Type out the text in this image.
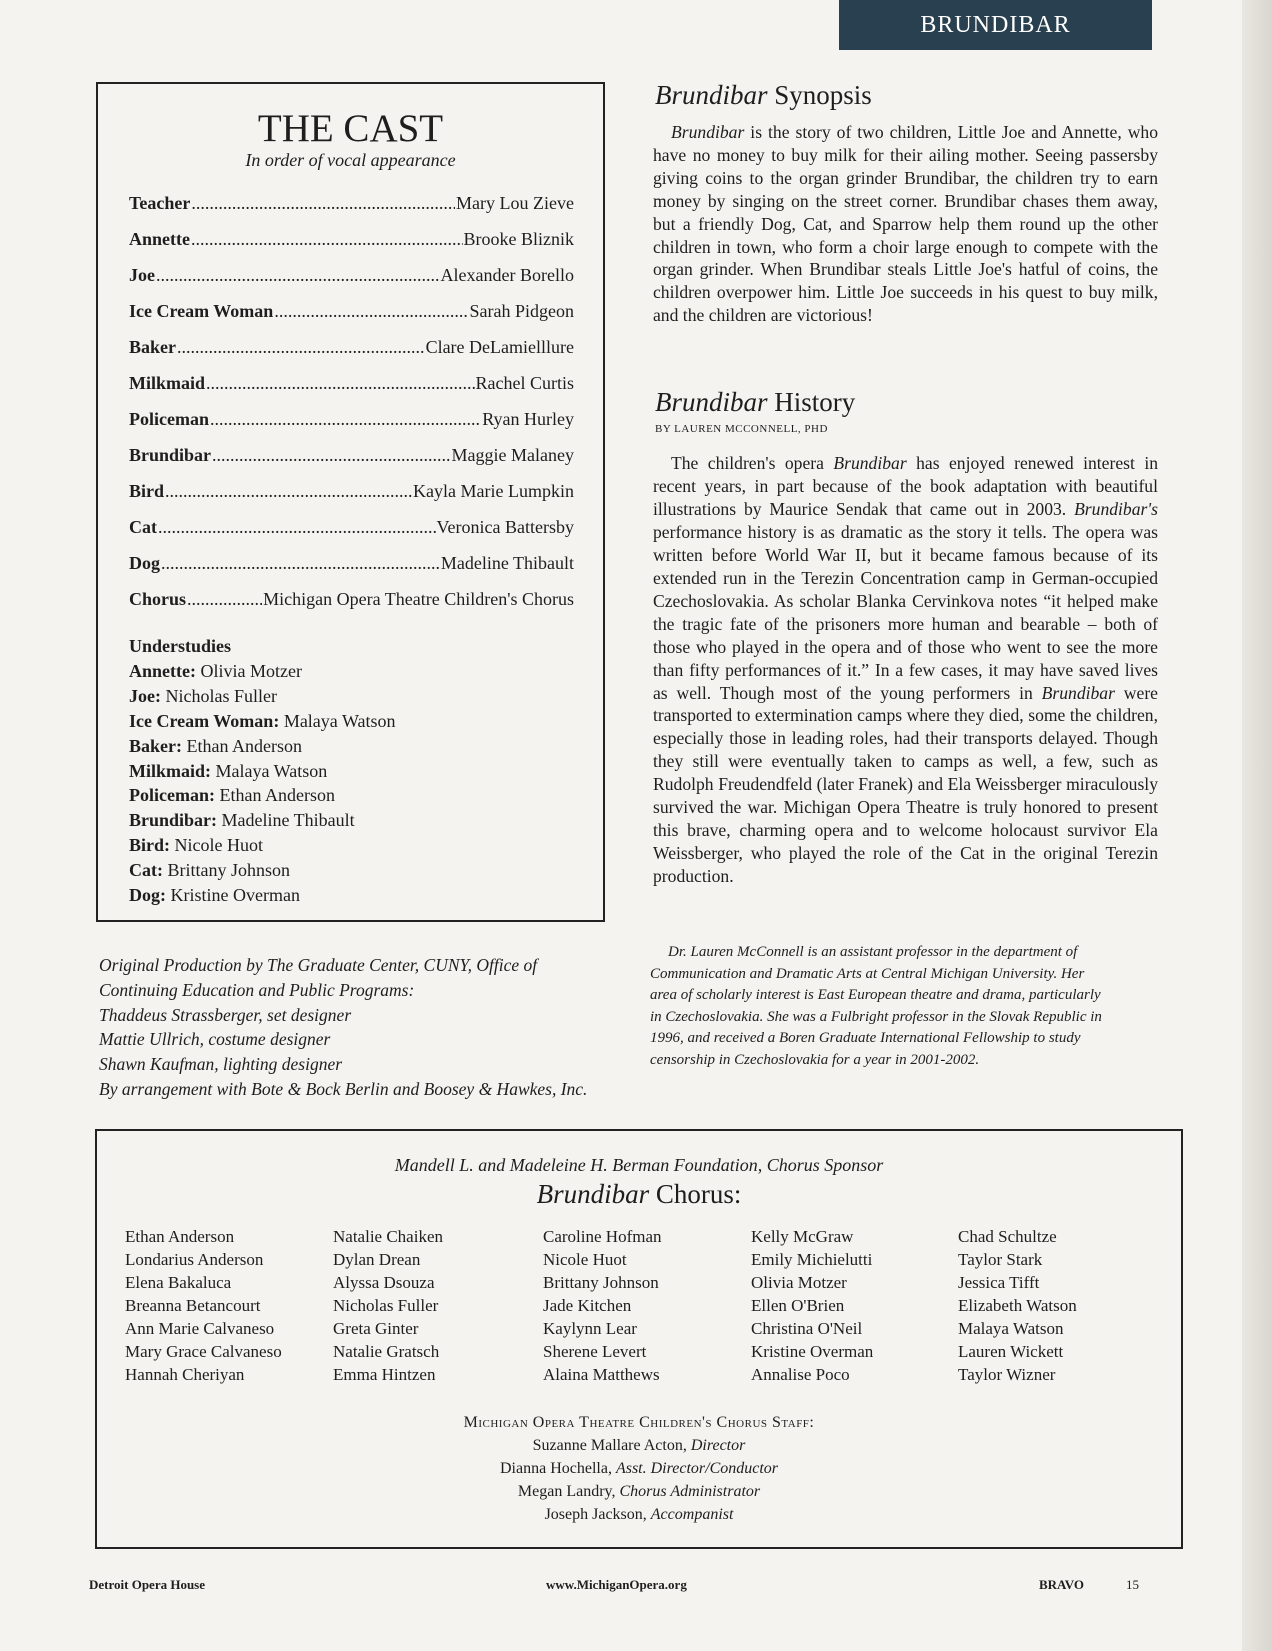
BRUNDIBAR
THE CAST
In order of vocal appearance
Teacher .....	Mary Lou Zieve
Annette .....	Brooke Bliznik
Joe .....	Alexander Borello
Ice Cream Woman .....	Sarah Pidgeon
Baker .....	Clare DeLamielllure
Milkmaid .....	Rachel Curtis
Policeman .....	Ryan Hurley
Brundibar .....	Maggie Malaney
Bird .....	Kayla Marie Lumpkin
Cat .....	Veronica Battersby
Dog .....	Madeline Thibault
Chorus .....	Michigan Opera Theatre Children's Chorus
Understudies
Annette: Olivia Motzer
Joe: Nicholas Fuller
Ice Cream Woman: Malaya Watson
Baker: Ethan Anderson
Milkmaid: Malaya Watson
Policeman: Ethan Anderson
Brundibar: Madeline Thibault
Bird: Nicole Huot
Cat: Brittany Johnson
Dog: Kristine Overman
Original Production by The Graduate Center, CUNY, Office of
Continuing Education and Public Programs:
Thaddeus Strassberger, set designer
Mattie Ullrich, costume designer
Shawn Kaufman, lighting designer
By arrangement with Bote & Bock Berlin and Boosey & Hawkes, Inc.
Brundibar Synopsis

Brundibar is the story of two children, Little Joe and Annette, who have no money to buy milk for their ailing mother. Seeing passersby giving coins to the organ grinder Brundibar, the children try to earn money by singing on the street corner. Brundibar chases them away, but a friendly Dog, Cat, and Sparrow help them round up the other children in town, who form a choir large enough to compete with the organ grinder. When Brundibar steals Little Joe's hatful of coins, the children overpower him. Little Joe succeeds in his quest to buy milk, and the children are victorious!

Brundibar History
BY LAUREN MCCONNELL, PHD

The children's opera Brundibar has enjoyed renewed interest in recent years, in part because of the book adaptation with beautiful illustrations by Maurice Sendak that came out in 2003. Brundibar's performance history is as dramatic as the story it tells. The opera was written before World War II, but it became famous because of its extended run in the Terezin Concentration camp in German-occupied Czechoslovakia. As scholar Blanka Cervinkova notes “it helped make the tragic fate of the prisoners more human and bearable – both of those who played in the opera and of those who went to see the more than fifty performances of it.” In a few cases, it may have saved lives as well. Though most of the young performers in Brundibar were transported to extermination camps where they died, some the children, especially those in leading roles, had their transports delayed. Though they still were eventually taken to camps as well, a few, such as Rudolph Freudendfeld (later Franek) and Ela Weissberger miraculously survived the war. Michigan Opera Theatre is truly honored to present this brave, charming opera and to welcome holocaust survivor Ela Weissberger, who played the role of the Cat in the original Terezin production.

Dr. Lauren McConnell is an assistant professor in the department of Communication and Dramatic Arts at Central Michigan University. Her area of scholarly interest is East European theatre and drama, particularly in Czechoslovakia. She was a Fulbright professor in the Slovak Republic in 1996, and received a Boren Graduate International Fellowship to study censorship in Czechoslovakia for a year in 2001-2002.

Mandell L. and Madeleine H. Berman Foundation, Chorus Sponsor
Brundibar Chorus:
Ethan Anderson
Londarius Anderson
Elena Bakaluca
Breanna Betancourt
Ann Marie Calvaneso
Mary Grace Calvaneso
Hannah Cheriyan
Natalie Chaiken
Dylan Drean
Alyssa Dsouza
Nicholas Fuller
Greta Ginter
Natalie Gratsch
Emma Hintzen
Caroline Hofman
Nicole Huot
Brittany Johnson
Jade Kitchen
Kaylynn Lear
Sherene Levert
Alaina Matthews
Kelly McGraw
Emily Michielutti
Olivia Motzer
Ellen O'Brien
Christina O'Neil
Kristine Overman
Annalise Poco
Chad Schultze
Taylor Stark
Jessica Tifft
Elizabeth Watson
Malaya Watson
Lauren Wickett
Taylor Wizner
Michigan Opera Theatre Children's Chorus Staff:
Suzanne Mallare Acton, Director
Dianna Hochella, Asst. Director/Conductor
Megan Landry, Chorus Administrator
Joseph Jackson, Accompanist
Detroit Opera House	www.MichiganOpera.org	BRAVO	15
